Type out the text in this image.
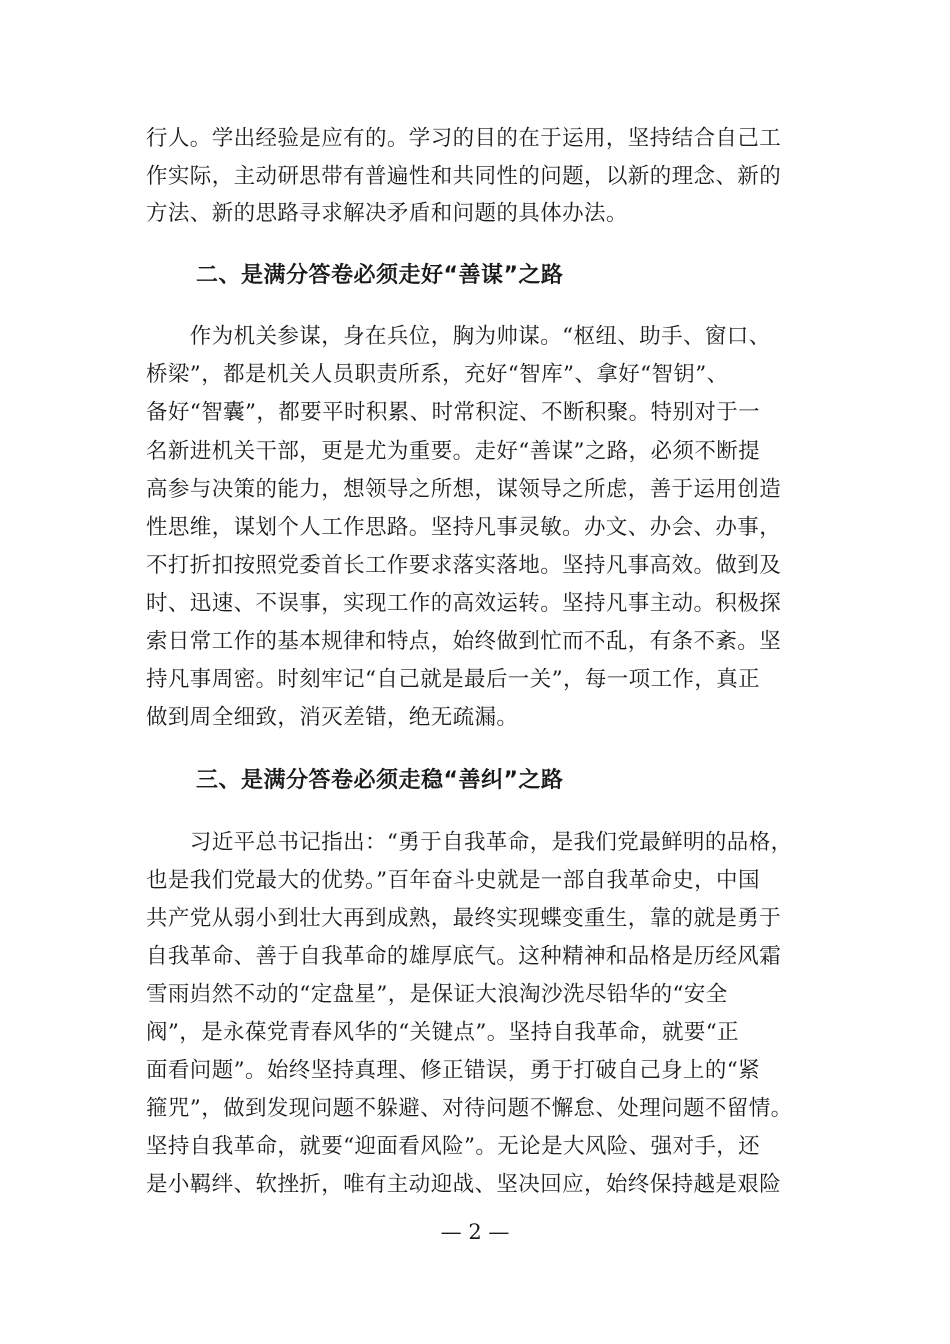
行人。学出经验是应有的。学习的目的在于运用，坚持结合自己工
作实际，主动研思带有普遍性和共同性的问题，以新的理念、新的
方法、新的思路寻求解决矛盾和问题的具体办法。
二、是满分答卷必须走好“善谋”之路
　　作为机关参谋，身在兵位，胸为帅谋。“枢纽、助手、窗口、
桥梁”，都是机关人员职责所系，充好“智库”、拿好“智钥”、
备好“智囊”，都要平时积累、时常积淀、不断积聚。特别对于一
名新进机关干部，更是尤为重要。走好“善谋”之路，必须不断提
高参与决策的能力，想领导之所想，谋领导之所虑，善于运用创造
性思维，谋划个人工作思路。坚持凡事灵敏。办文、办会、办事，
不打折扣按照党委首长工作要求落实落地。坚持凡事高效。做到及
时、迅速、不误事，实现工作的高效运转。坚持凡事主动。积极探
索日常工作的基本规律和特点，始终做到忙而不乱，有条不紊。坚
持凡事周密。时刻牢记“自己就是最后一关”，每一项工作，真正
做到周全细致，消灭差错，绝无疏漏。
三、是满分答卷必须走稳“善纠”之路
　　习近平总书记指出：“勇于自我革命，是我们党最鲜明的品格，
也是我们党最大的优势。”百年奋斗史就是一部自我革命史，中国
共产党从弱小到壮大再到成熟，最终实现蝶变重生，靠的就是勇于
自我革命、善于自我革命的雄厚底气。这种精神和品格是历经风霜
雪雨岿然不动的“定盘星”，是保证大浪淘沙洗尽铅华的“安全
阀”，是永葆党青春风华的“关键点”。坚持自我革命，就要“正
面看问题”。始终坚持真理、修正错误，勇于打破自己身上的“紧
箍咒”，做到发现问题不躲避、对待问题不懈怠、处理问题不留情。
坚持自我革命，就要“迎面看风险”。无论是大风险、强对手，还
是小羁绊、软挫折，唯有主动迎战、坚决回应，始终保持越是艰险
— 2 —
